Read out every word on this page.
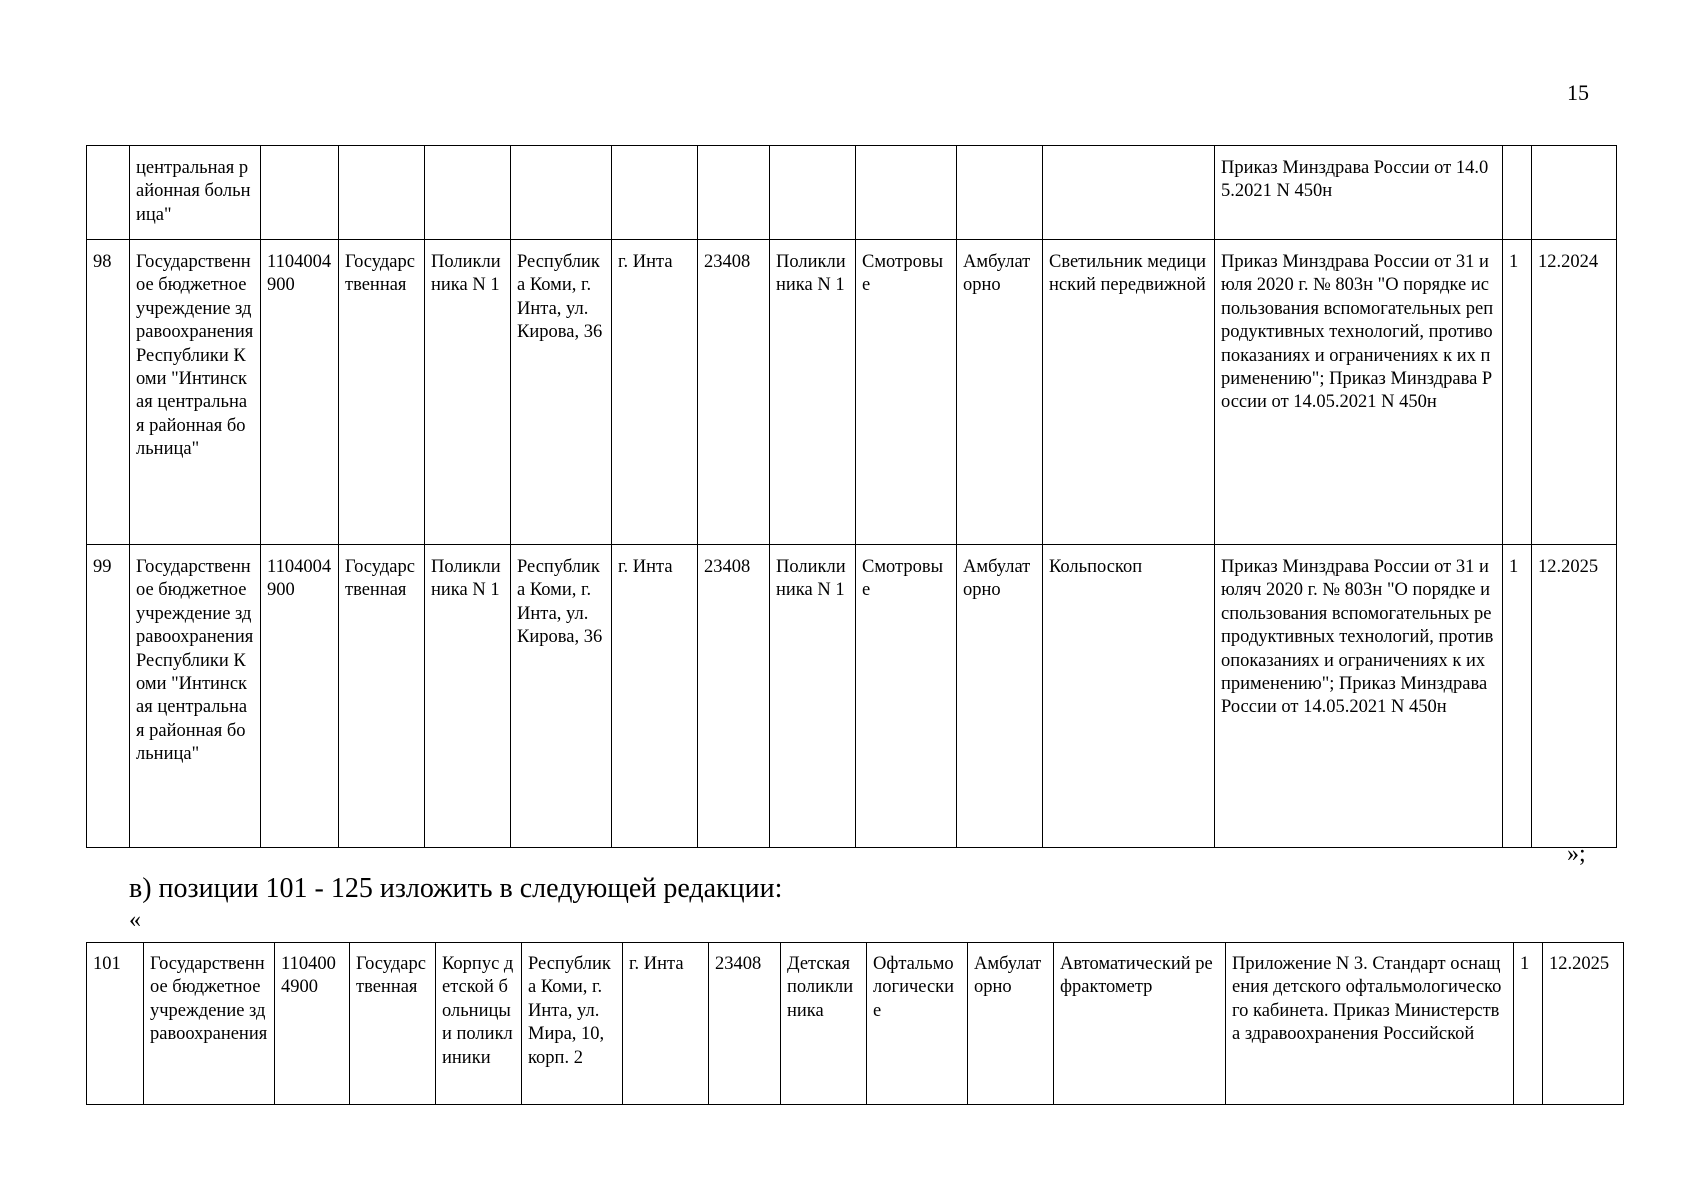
15
	центральная районная больница"											Приказ Минздрава России от 14.05.2021 N 450н		
98	Государственное бюджетное учреждение здравоохранения Республики Коми "Интинская центральная районная больница"	1104004900	Государственная	Поликлиника N 1	Республика Коми, г. Инта, ул. Кирова, 36	г. Инта	23408	Поликлиника N 1	Смотровые	Амбулаторно	Светильник медицинский передвижной	Приказ Минздрава России от 31 июля 2020 г. № 803н "О порядке использования вспомогательных репродуктивных технологий, противопоказаниях и ограничениях к их применению"; Приказ Минздрава России от 14.05.2021 N 450н	1	12.2024
99	Государственное бюджетное учреждение здравоохранения Республики Коми "Интинская центральная районная больница"	1104004900	Государственная	Поликлиника N 1	Республика Коми, г. Инта, ул. Кирова, 36	г. Инта	23408	Поликлиника N 1	Смотровые	Амбулаторно	Кольпоскоп	Приказ Минздрава России от 31 июляч 2020 г. № 803н "О порядке использования вспомогательных репродуктивных технологий, противопоказаниях и ограничениях к их применению"; Приказ Минздрава России от 14.05.2021 N 450н	1	12.2025
»;
в) позиции 101 - 125 изложить в следующей редакции:
«
101	Государственное бюджетное учреждение здравоохранения	1104004900	Государственная	Корпус детской больницы и поликлиники	Республика Коми, г. Инта, ул. Мира, 10, корп. 2	г. Инта	23408	Детская поликлиника	Офтальмологические	Амбулаторно	Автоматический рефрактометр	Приложение N 3. Стандарт оснащения детского офтальмологического кабинета. Приказ Министерства здравоохранения Российской	1	12.2025
